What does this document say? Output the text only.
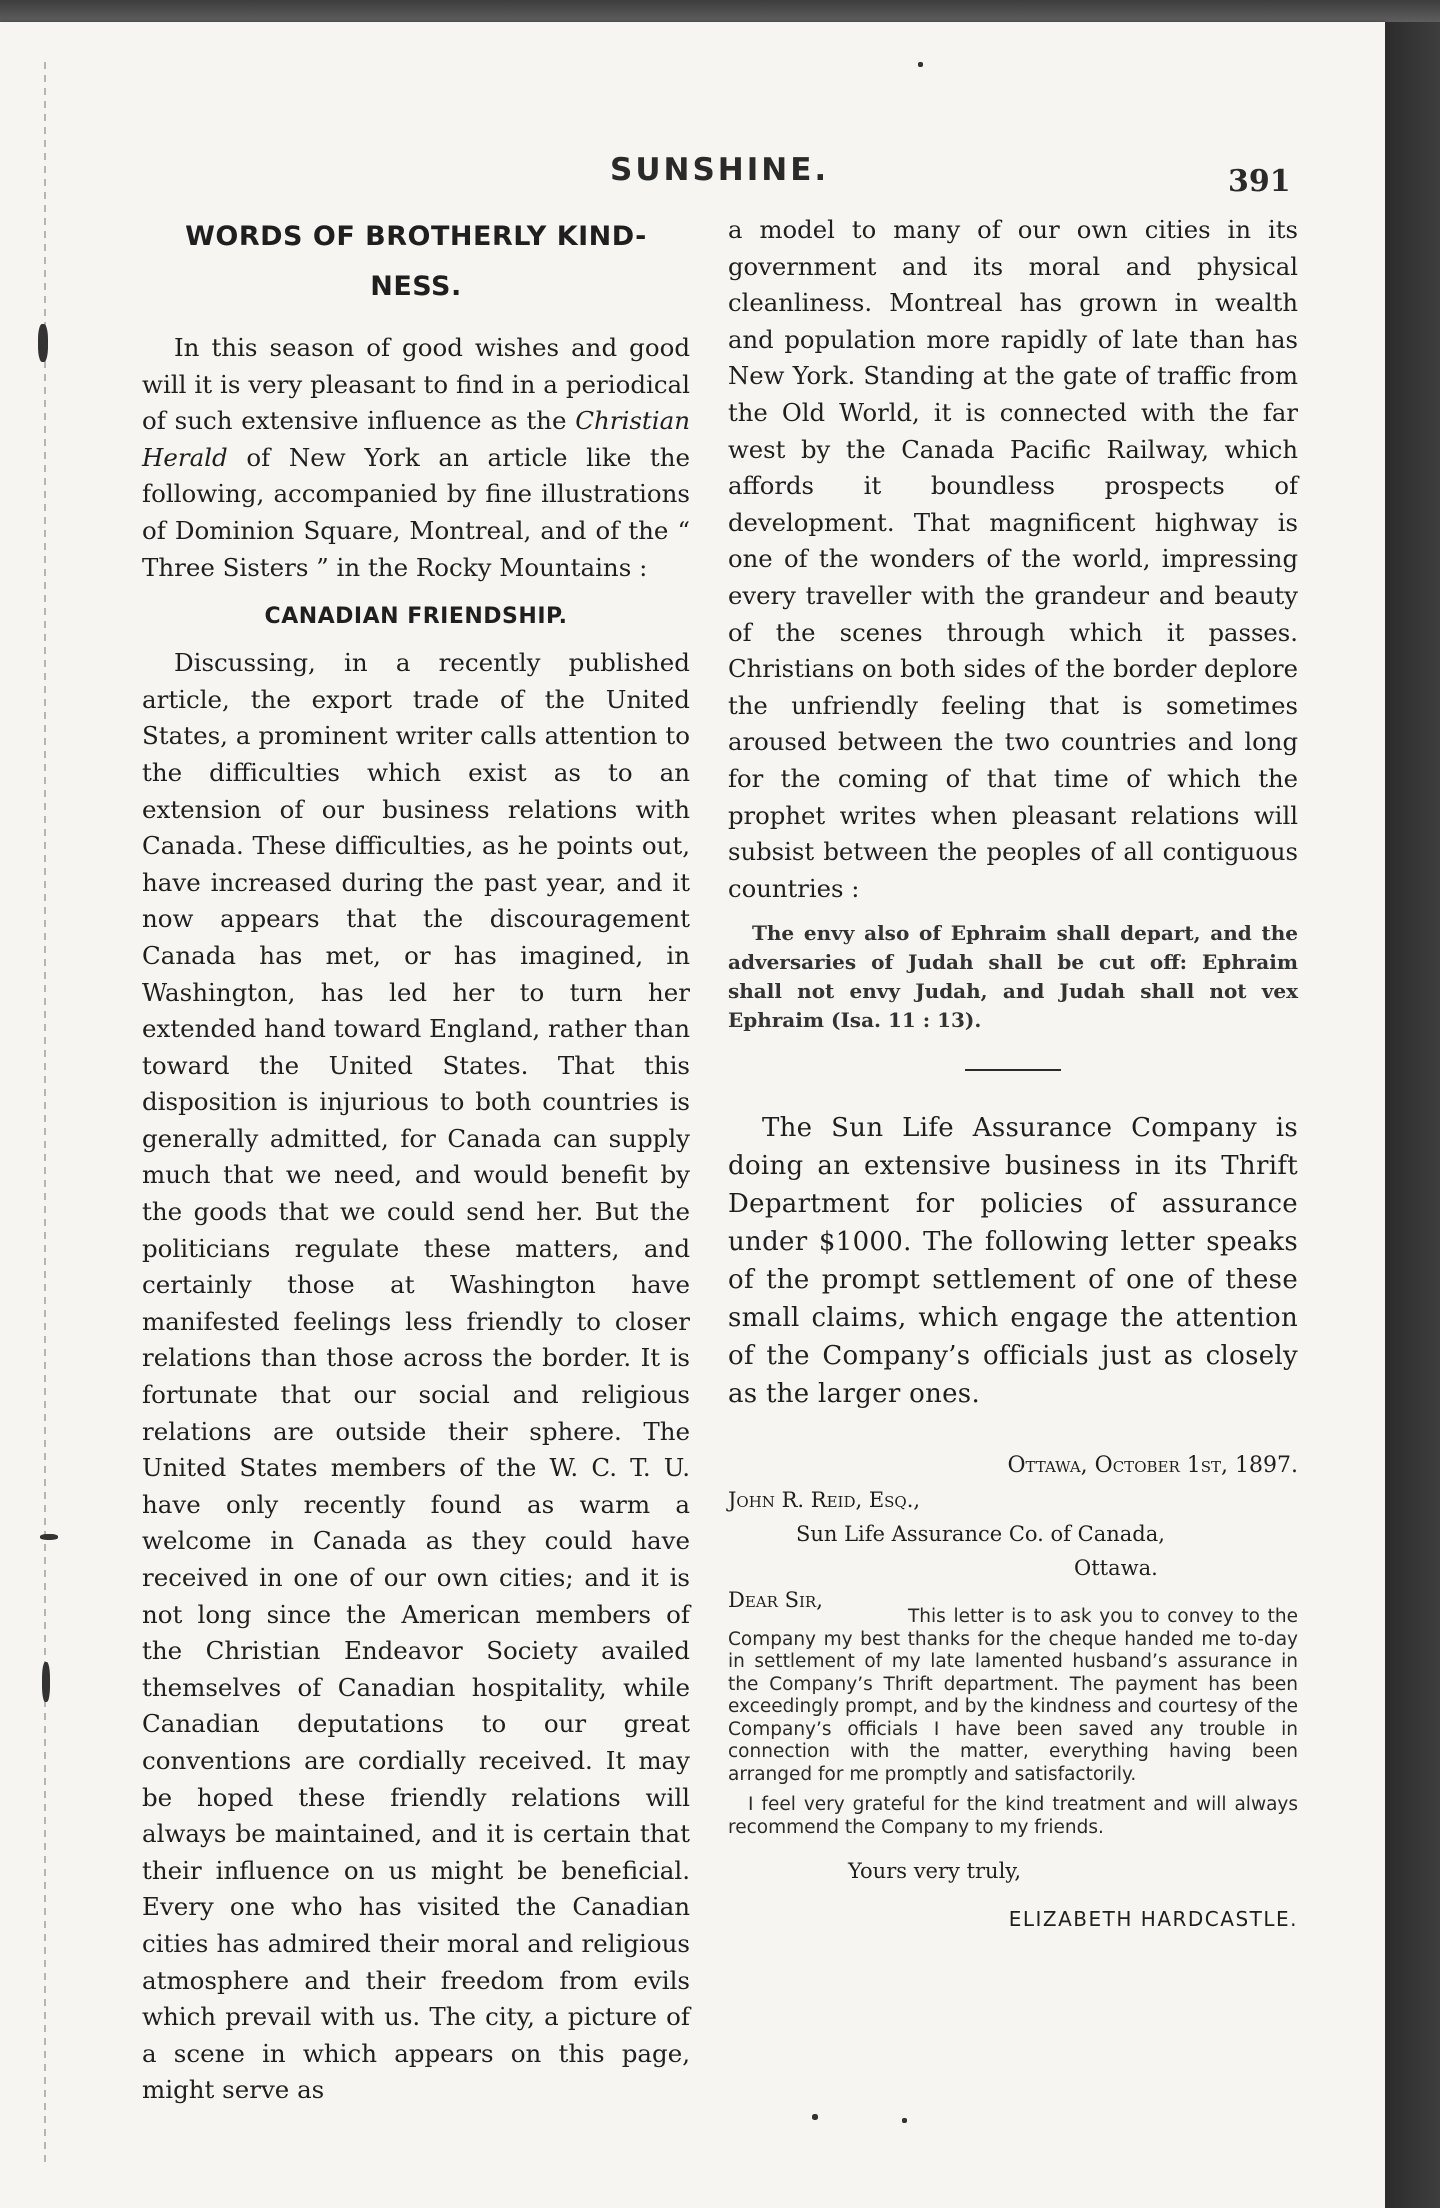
SUNSHINE.	391
WORDS OF BROTHERLY KIND-
NESS.

In this season of good wishes and good will it is very pleasant to find in a periodical of such extensive influence as the Christian Herald of New York an article like the following, accompanied by fine illustrations of Dominion Square, Montreal, and of the “ Three Sisters ” in the Rocky Mountains :

CANADIAN FRIENDSHIP.

Discussing, in a recently published article, the export trade of the United States, a prominent writer calls attention to the difficulties which exist as to an extension of our business relations with Canada. These difficulties, as he points out, have increased during the past year, and it now appears that the discouragement Canada has met, or has imagined, in Washington, has led her to turn her extended hand toward England, rather than toward the United States. That this disposition is injurious to both countries is generally admitted, for Canada can supply much that we need, and would benefit by the goods that we could send her. But the politicians regulate these matters, and certainly those at Washington have manifested feelings less friendly to closer relations than those across the border. It is fortunate that our social and religious relations are outside their sphere. The United States members of the W. C. T. U. have only recently found as warm a welcome in Canada as they could have received in one of our own cities; and it is not long since the American members of the Christian Endeavor Society availed themselves of Canadian hospitality, while Canadian deputations to our great conventions are cordially received. It may be hoped these friendly relations will always be maintained, and it is certain that their influence on us might be beneficial. Every one who has visited the Canadian cities has admired their moral and religious atmosphere and their freedom from evils which prevail with us. The city, a picture of a scene in which appears on this page, might serve as

a model to many of our own cities in its government and its moral and physical cleanliness. Montreal has grown in wealth and population more rapidly of late than has New York. Standing at the gate of traffic from the Old World, it is connected with the far west by the Canada Pacific Railway, which affords it boundless prospects of development. That magnificent highway is one of the wonders of the world, impressing every traveller with the grandeur and beauty of the scenes through which it passes. Christians on both sides of the border deplore the unfriendly feeling that is sometimes aroused between the two countries and long for the coming of that time of which the prophet writes when pleasant relations will subsist between the peoples of all contiguous countries :

The envy also of Ephraim shall depart, and the adversaries of Judah shall be cut off: Ephraim shall not envy Judah, and Judah shall not vex Ephraim (Isa. 11 : 13).

The Sun Life Assurance Company is doing an extensive business in its Thrift Department for policies of assurance under $1000. The following letter speaks of the prompt settlement of one of these small claims, which engage the attention of the Company’s officials just as closely as the larger ones.

Ottawa, October 1st, 1897.

John R. Reid, Esq.,

Sun Life Assurance Co. of Canada,

Ottawa.

Dear Sir,

This letter is to ask you to convey to the Company my best thanks for the cheque handed me to-day in settlement of my late lamented husband’s assurance in the Company’s Thrift department. The payment has been exceedingly prompt, and by the kindness and courtesy of the Company’s officials I have been saved any trouble in connection with the matter, everything having been arranged for me promptly and satisfactorily.

I feel very grateful for the kind treatment and will always recommend the Company to my friends.

Yours very truly,

ELIZABETH HARDCASTLE.
